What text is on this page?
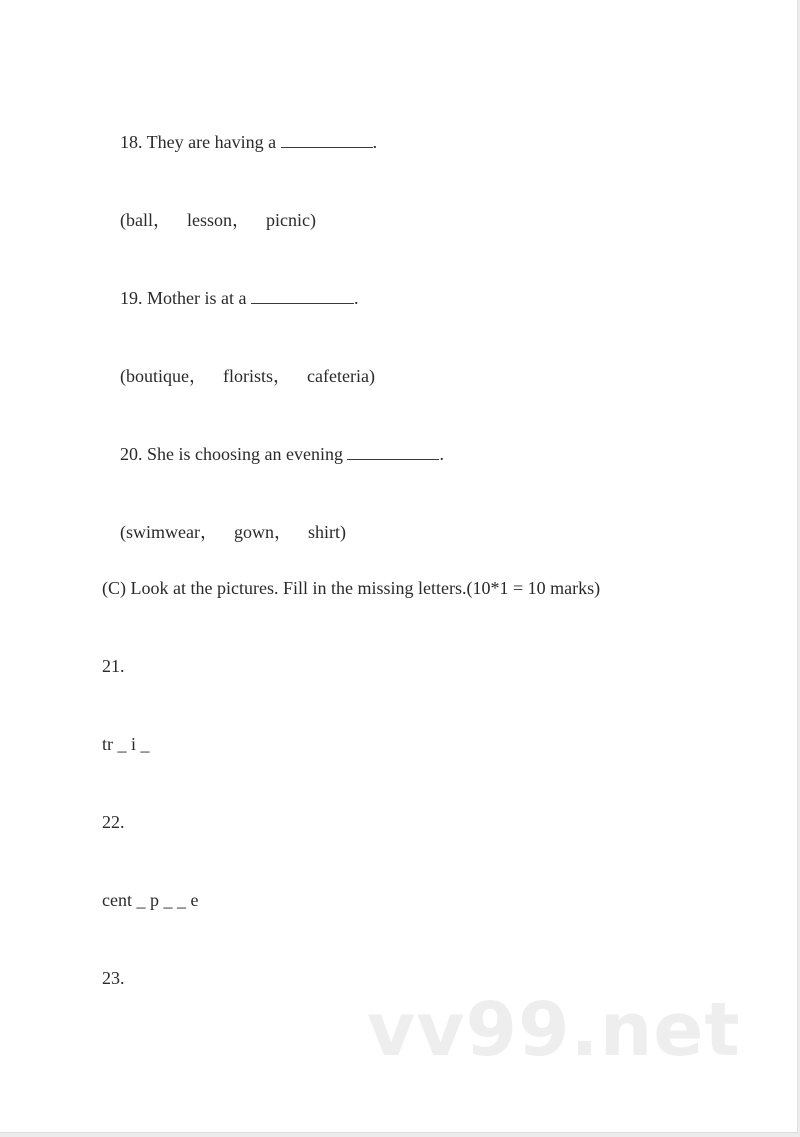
18. They are having a	.

(ball， lesson， picnic)

19. Mother is at a	.

(boutique， florists， cafeteria)

20. She is choosing an evening	.

(swimwear， gown， shirt)

(C) Look at the pictures. Fill in the missing letters.(10*1 = 10 marks)
21.
tr _ i _
22.
cent _ p _ _ e
23.
vv99.net
